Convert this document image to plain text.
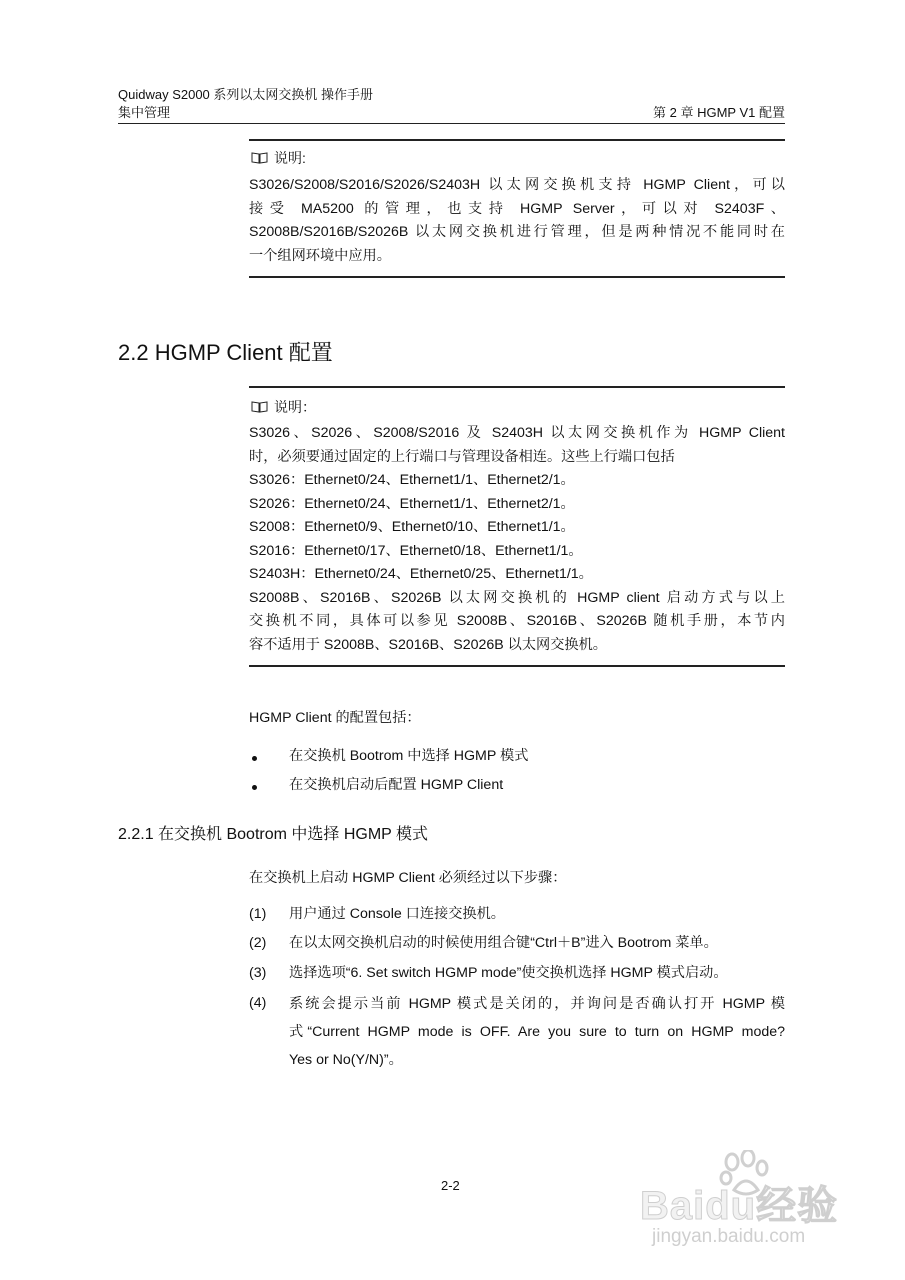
Quidway S2000 系列以太网交换机 操作手册
集中管理	第 2 章 HGMP V1 配置
说明:
S3026/S2008/S2016/S2026/S2403H 以太网交换机支持 HGMP Client，可以
接受 MA5200 的管理，也支持 HGMP Server，可以对 S2403F、
S2008B/S2016B/S2026B 以太网交换机进行管理，但是两种情况不能同时在
一个组网环境中应用。
2.2 HGMP Client 配置
说明：
S3026、S2026、S2008/S2016 及 S2403H 以太网交换机作为 HGMP Client
时，必须要通过固定的上行端口与管理设备相连。这些上行端口包括
S3026：Ethernet0/24、Ethernet1/1、Ethernet2/1。
S2026：Ethernet0/24、Ethernet1/1、Ethernet2/1。
S2008：Ethernet0/9、Ethernet0/10、Ethernet1/1。
S2016：Ethernet0/17、Ethernet0/18、Ethernet1/1。
S2403H：Ethernet0/24、Ethernet0/25、Ethernet1/1。
S2008B、S2016B、S2026B 以太网交换机的 HGMP client 启动方式与以上
交换机不同，具体可以参见 S2008B、S2016B、S2026B 随机手册，本节内
容不适用于 S2008B、S2016B、S2026B 以太网交换机。
HGMP Client 的配置包括：
在交换机 Bootrom 中选择 HGMP 模式
在交换机启动后配置 HGMP Client
2.2.1 在交换机 Bootrom 中选择 HGMP 模式
在交换机上启动 HGMP Client 必须经过以下步骤：
(1) 用户通过 Console 口连接交换机。
(2) 在以太网交换机启动的时候使用组合键“Ctrl＋B”进入 Bootrom 菜单。
(3) 选择选项“6. Set switch HGMP mode”使交换机选择 HGMP 模式启动。
(4) 系统会提示当前 HGMP 模式是关闭的，并询问是否确认打开 HGMP 模
式“Current HGMP mode is OFF. Are you sure to turn on HGMP mode?
Yes or No(Y/N)”。
2-2	Baidu经验
jingyan.baidu.com
